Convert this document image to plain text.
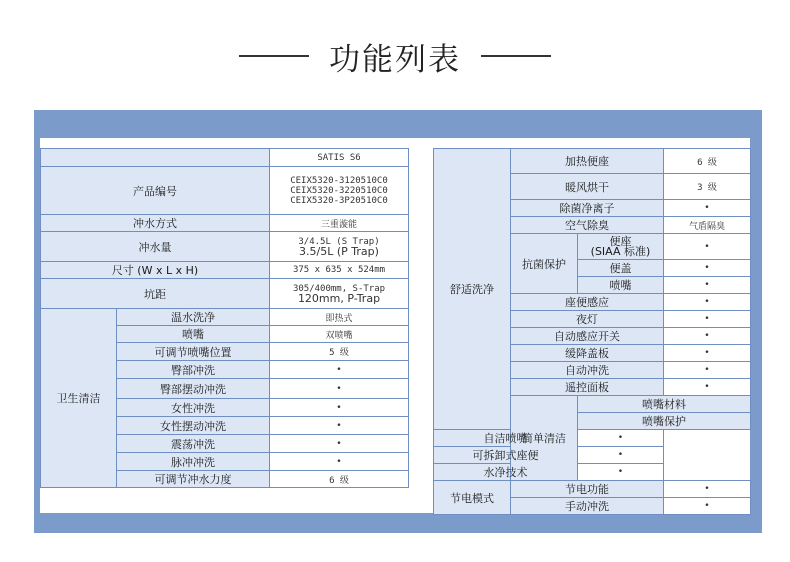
功能列表
		SATIS S6
产品编号		CEIX5320-3120510C0
CEIX5320-3220510C0
CEIX5320-3P20510C0

冲水方式		三重漩能
冲水量		3/4.5L (S Trap)
3.5/5L (P Trap)

尺寸 (W x L x H)		375 x 635 x 524mm
坑距		305/400mm, S-Trap
120mm, P-Trap

卫生清洁	温水洗净	即热式
	喷嘴	双喷嘴
	可调节喷嘴位置	5 级
	臀部冲洗	•
	臀部摆动冲洗	•
	女性冲洗	•
	女性摆动冲洗	•
	震荡冲洗	•
	脉冲冲洗	•
	可调节冲水力度	6 级
舒适洗净	加热便座		6 级	
	暖风烘干		3 级	
	除菌净离子		•	
	空气除臭		气盾隔臭	
	抗菌保护	便座
(SIAA 标准)	•	
		便盖	•	
		喷嘴	•	
	座便感应		•	
	夜灯		•	
	自动感应开关		•	
	缓降盖板		•	
	自动冲洗		•	
	遥控面板		•	
	简单清洁	喷嘴材料	
		喷嘴保护	
自洁喷嘴		•		
可拆卸式座便		•		
水净技术		•		
节电模式	节电功能		•	
	手动冲洗		•	
